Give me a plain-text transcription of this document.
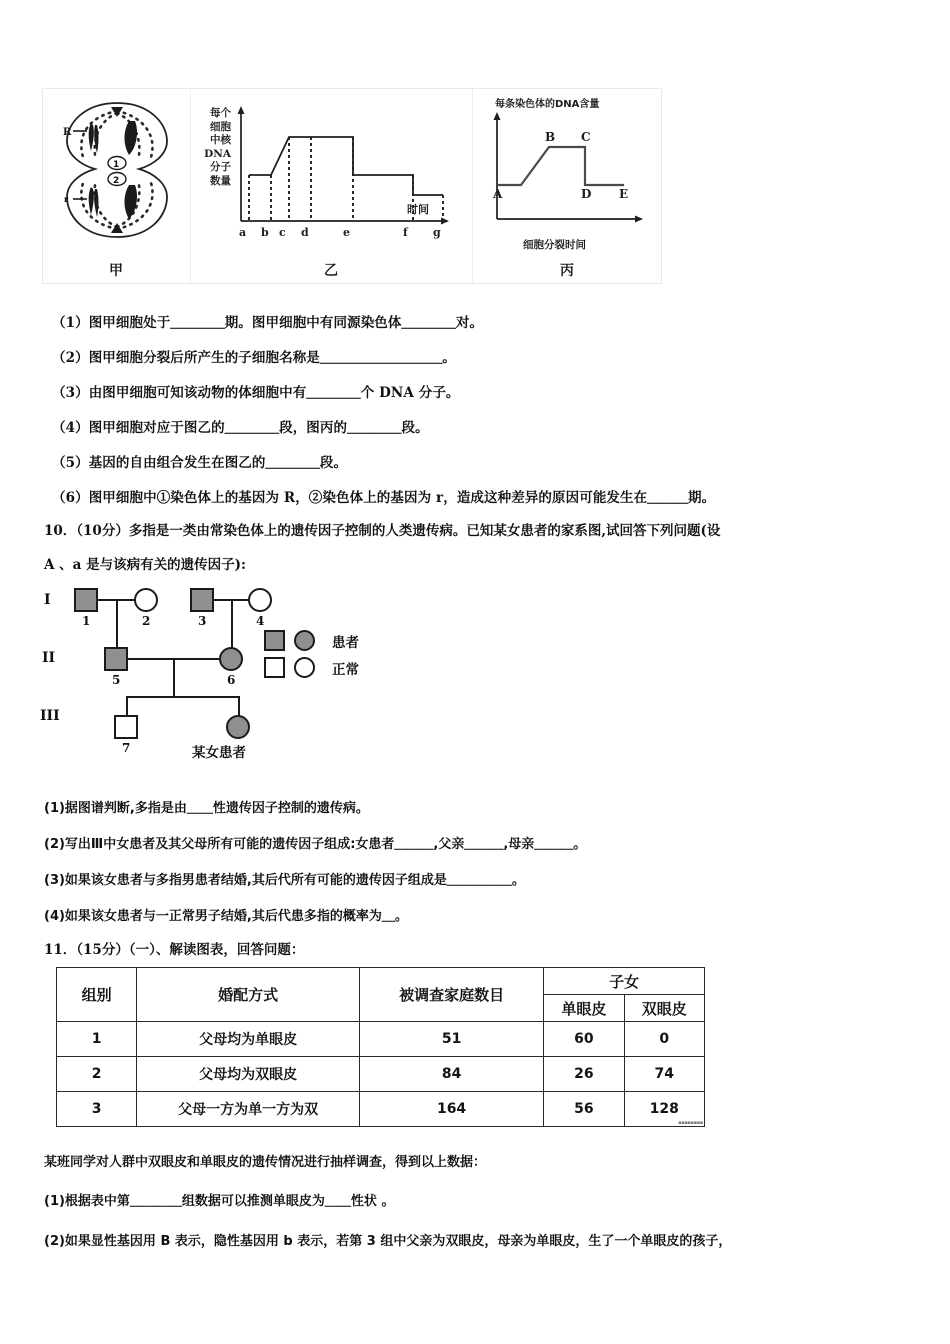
R
r
1
2
甲
每个
细胞
中核
DNA
分子
数量
时间
a b c d	e	f g
乙
每条染色体的DNA含量
A
B C
D E
细胞分裂时间
丙
（1）图甲细胞处于＿＿＿＿期。图甲细胞中有同源染色体＿＿＿＿对。
（2）图甲细胞分裂后所产生的子细胞名称是＿＿＿＿＿＿＿＿＿。
（3）由图甲细胞可知该动物的体细胞中有＿＿＿＿个 DNA 分子。
（4）图甲细胞对应于图乙的＿＿＿＿段，图丙的＿＿＿＿段。
（5）基因的自由组合发生在图乙的＿＿＿＿段。
（6）图甲细胞中①染色体上的基因为 R，②染色体上的基因为 r，造成这种差异的原因可能发生在＿＿＿期。
10．（10分）多指是一类由常染色体上的遗传因子控制的人类遗传病。已知某女患者的家系图,试回答下列问题(设
A 、a 是与该病有关的遗传因子):
I
II
III
1	2	3	4
5	6
7	某女患者
患者
正常
(1)据图谱判断,多指是由＿＿性遗传因子控制的遗传病。
(2)写出Ⅲ中女患者及其父母所有可能的遗传因子组成:女患者＿＿＿,父亲＿＿＿,母亲＿＿＿。
(3)如果该女患者与多指男患者结婚,其后代所有可能的遗传因子组成是＿＿＿＿＿。
(4)如果该女患者与一正常男子结婚,其后代患多指的概率为＿。
11．（15分）（一）、解读图表，回答问题：
组别	婚配方式	被调查家庭数目	子女	
			单眼皮	双眼皮
1	父母均为单眼皮	51	60	0
2	父母均为双眼皮	84	26	74
3	父母一方为单一方为双	164	56	128
▪▪▪▪▪▪▪▪
某班同学对人群中双眼皮和单眼皮的遗传情况进行抽样调查，得到以上数据：
(1)根据表中第＿＿＿＿组数据可以推测单眼皮为＿＿性状 。
(2)如果显性基因用 B 表示，隐性基因用 b 表示，若第 3 组中父亲为双眼皮，母亲为单眼皮，生了一个单眼皮的孩子，
